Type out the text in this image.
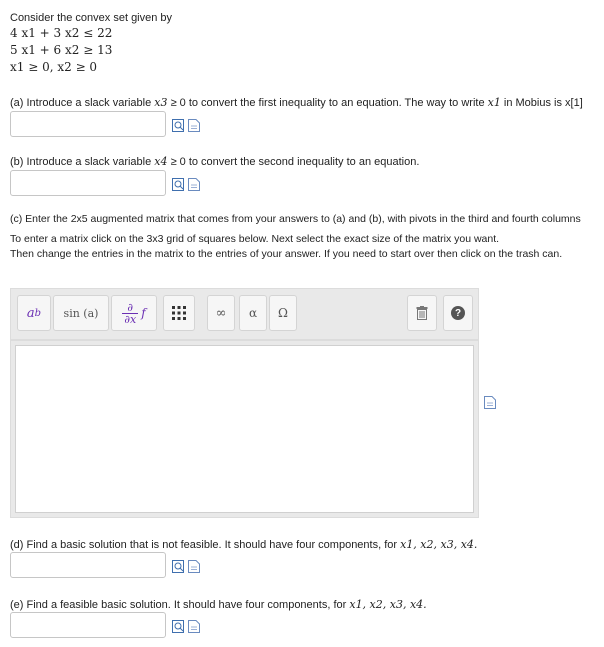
Consider the convex set given by
4 x1 + 3 x2 ≤ 22
5 x1 + 6 x2 ≥ 13
x1 ≥ 0, x2 ≥ 0
(a) Introduce a slack variable x3 ≥ 0 to convert the first inequality to an equation. The way to write x1 in Mobius is x[1]
(b) Introduce a slack variable x4 ≥ 0 to convert the second inequality to an equation.
(c) Enter the 2x5 augmented matrix that comes from your answers to (a) and (b), with pivots in the third and fourth columns
To enter a matrix click on the 3x3 grid of squares below. Next select the exact size of the matrix you want.
Then change the entries in the matrix to the entries of your answer. If you need to start over then click on the trash can.
a b sin (a)	∂
∂x f	∞ α Ω	?
(d) Find a basic solution that is not feasible. It should have four components, for x1, x2, x3, x4.
(e) Find a feasible basic solution. It should have four components, for x1, x2, x3, x4.
